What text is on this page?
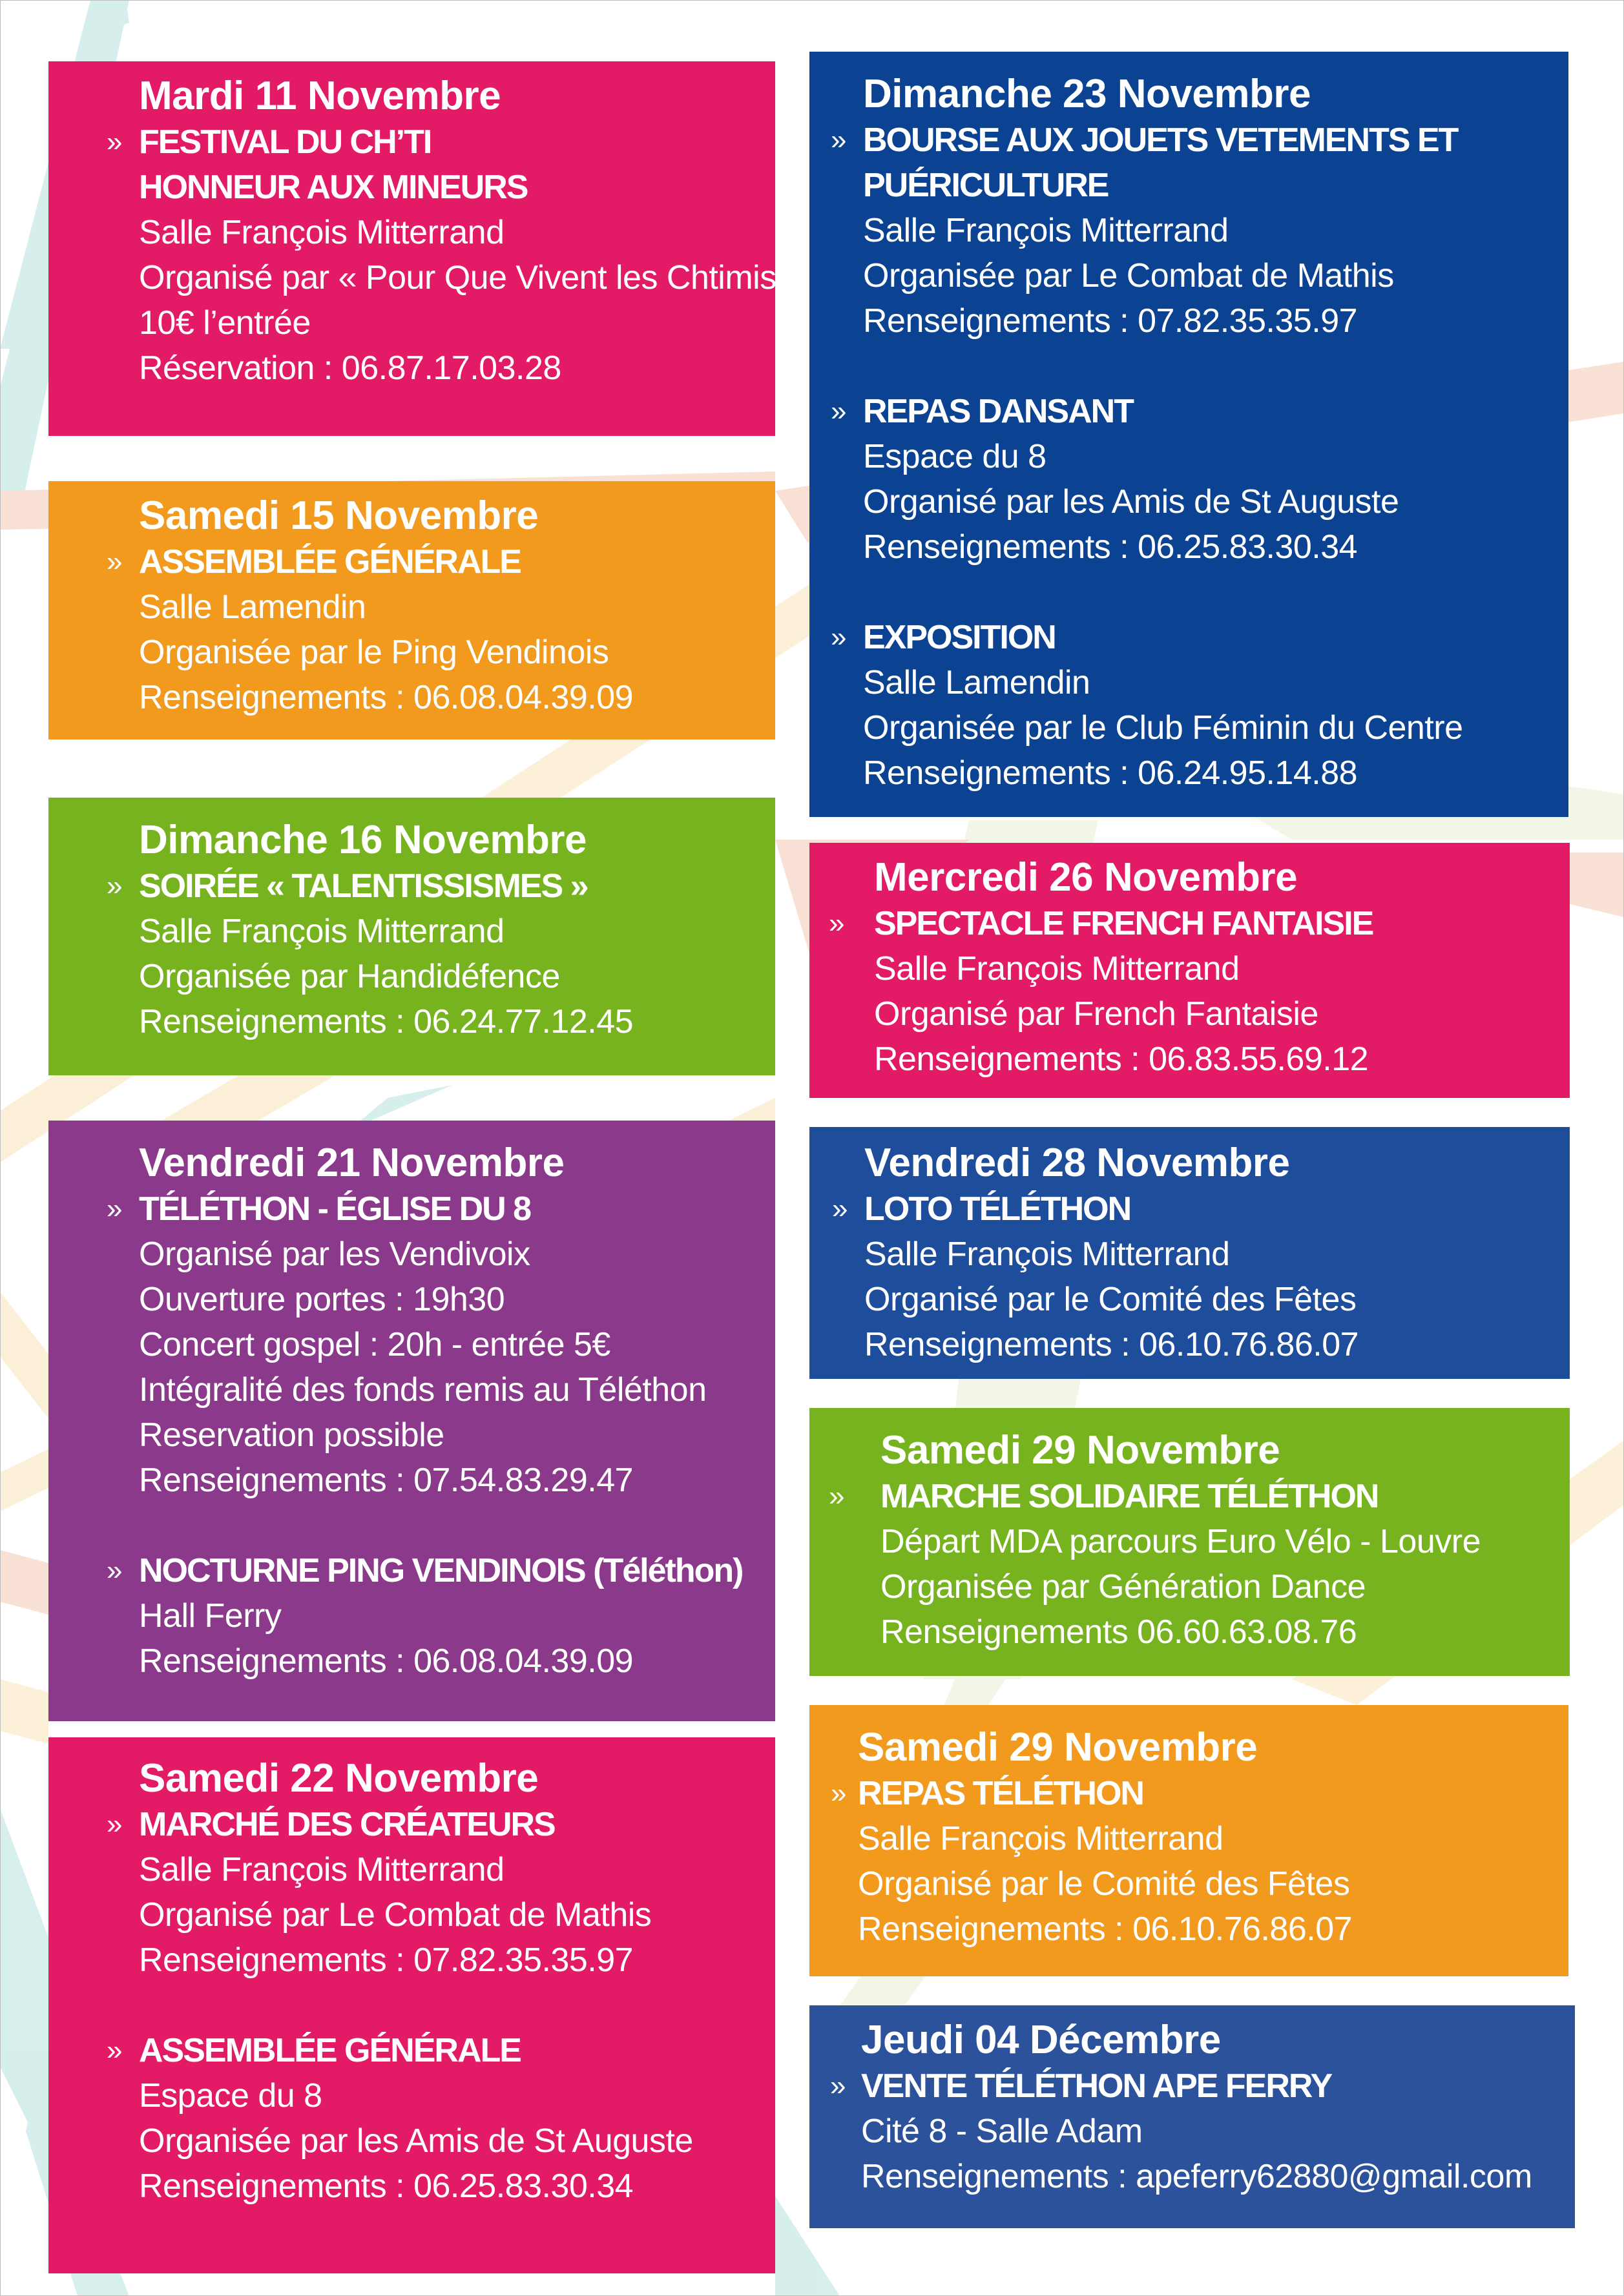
Mardi 11 Novembre

» FESTIVAL DU CH’TI

HONNEUR AUX MINEURS

Salle François Mitterrand

Organisé par « Pour Que Vivent les Chtimis »

10€ l’entrée

Réservation : 06.87.17.03.28

Samedi 15 Novembre

» ASSEMBLÉE GÉNÉRALE

Salle Lamendin

Organisée par le Ping Vendinois

Renseignements : 06.08.04.39.09

Dimanche 16 Novembre

» SOIRÉE « TALENTISSISMES »

Salle François Mitterrand

Organisée par Handidéfence

Renseignements : 06.24.77.12.45

Vendredi 21 Novembre

» TÉLÉTHON - ÉGLISE DU 8

Organisé par les Vendivoix

Ouverture portes : 19h30

Concert gospel : 20h - entrée 5€

Intégralité des fonds remis au Téléthon

Reservation possible

Renseignements : 07.54.83.29.47

» NOCTURNE PING VENDINOIS (Téléthon)

Hall Ferry

Renseignements : 06.08.04.39.09

Samedi 22 Novembre

» MARCHÉ DES CRÉATEURS

Salle François Mitterrand

Organisé par Le Combat de Mathis

Renseignements : 07.82.35.35.97

» ASSEMBLÉE GÉNÉRALE

Espace du 8

Organisée par les Amis de St Auguste

Renseignements : 06.25.83.30.34

Dimanche 23 Novembre

» BOURSE AUX JOUETS VETEMENTS ET

PUÉRICULTURE

Salle François Mitterrand

Organisée par Le Combat de Mathis

Renseignements : 07.82.35.35.97

» REPAS DANSANT

Espace du 8

Organisé par les Amis de St Auguste

Renseignements : 06.25.83.30.34

» EXPOSITION

Salle Lamendin

Organisée par le Club Féminin du Centre

Renseignements : 06.24.95.14.88

Mercredi 26 Novembre

» SPECTACLE FRENCH FANTAISIE

Salle François Mitterrand

Organisé par French Fantaisie

Renseignements : 06.83.55.69.12

Vendredi 28 Novembre

» LOTO TÉLÉTHON

Salle François Mitterrand

Organisé par le Comité des Fêtes

Renseignements : 06.10.76.86.07

Samedi 29 Novembre

» MARCHE SOLIDAIRE TÉLÉTHON

Départ MDA parcours Euro Vélo - Louvre

Organisée par Génération Dance

Renseignements 06.60.63.08.76

Samedi 29 Novembre

» REPAS TÉLÉTHON

Salle François Mitterrand

Organisé par le Comité des Fêtes

Renseignements : 06.10.76.86.07

Jeudi 04 Décembre

» VENTE TÉLÉTHON APE FERRY

Cité 8 - Salle Adam

Renseignements : apeferry62880@gmail.com
